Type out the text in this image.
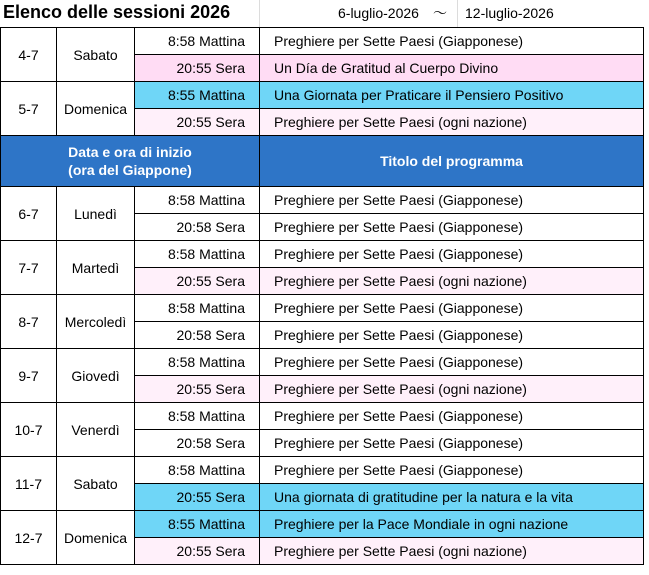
Elenco delle sessioni 2026	6-luglio-2026 ～ 12-luglio-2026
4-7	Sabato	8:58 Mattina	Preghiere per Sette Paesi (Giapponese)
		20:55 Sera	Un Día de Gratitud al Cuerpo Divino
5-7	Domenica	8:55 Mattina	Una Giornata per Praticare il Pensiero Positivo
		20:55 Sera	Preghiere per Sette Paesi (ogni nazione)

Data e ora di inizio
(ora del Giappone)			Titolo del programma
6-7	Lunedì	8:58 Mattina	Preghiere per Sette Paesi (Giapponese)
		20:58 Sera	Preghiere per Sette Paesi (Giapponese)
7-7	Martedì	8:58 Mattina	Preghiere per Sette Paesi (Giapponese)
		20:55 Sera	Preghiere per Sette Paesi (ogni nazione)
8-7	Mercoledì	8:58 Mattina	Preghiere per Sette Paesi (Giapponese)
		20:58 Sera	Preghiere per Sette Paesi (Giapponese)
9-7	Giovedì	8:58 Mattina	Preghiere per Sette Paesi (Giapponese)
		20:55 Sera	Preghiere per Sette Paesi (ogni nazione)
10-7	Venerdì	8:58 Mattina	Preghiere per Sette Paesi (Giapponese)
		20:58 Sera	Preghiere per Sette Paesi (Giapponese)
11-7	Sabato	8:58 Mattina	Preghiere per Sette Paesi (Giapponese)
		20:55 Sera	Una giornata di gratitudine per la natura e la vita
12-7	Domenica	8:55 Mattina	Preghiere per la Pace Mondiale in ogni nazione
		20:55 Sera	Preghiere per Sette Paesi (ogni nazione)
